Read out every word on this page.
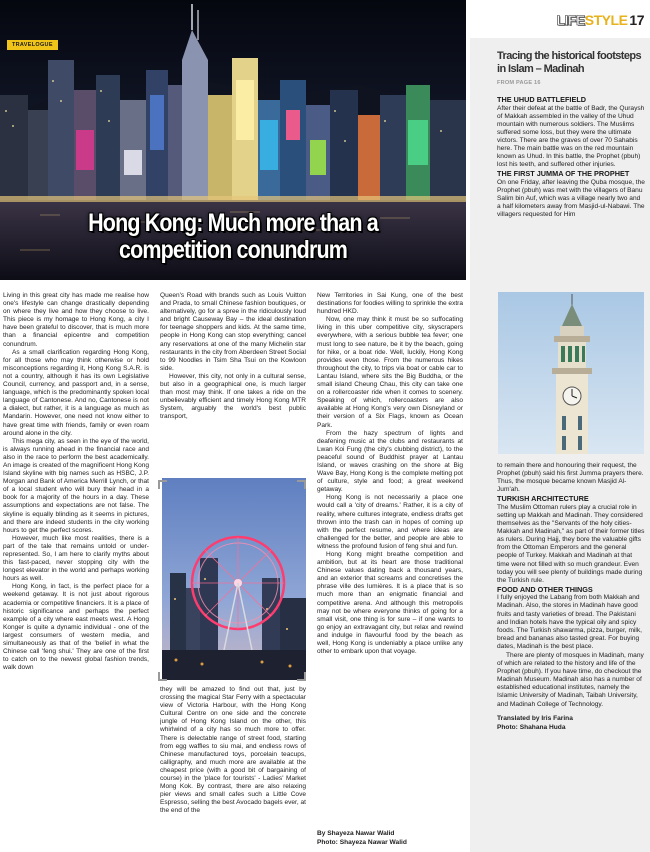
TRAVELOGUE
Hong Kong: Much more than a
competition conundrum
LIFESTYLE 17

Living in this great city has made me realise how one's lifestyle can change drastically depending on where they live and how they choose to live. This piece is my homage to Hong Kong, a city I have been grateful to discover, that is much more than a financial epicentre and competition conundrum.

As a small clarification regarding Hong Kong, for all those who may think otherwise or hold misconceptions regarding it, Hong Kong S.A.R. is not a country, although it has its own Legislative Council, currency, and passport and, in a sense, language, which is the predominantly spoken local language of Cantonese. And no, Cantonese is not a dialect, but rather, it is a language as much as Mandarin. However, one need not know either to have great time with friends, family or even roam around alone in the city.

This mega city, as seen in the eye of the world, is always running ahead in the financial race and also in the race to perform the best academically. An image is created of the magnificent Hong Kong Island skyline with big names such as HSBC, J.P. Morgan and Bank of America Merrill Lynch, or that of a local student who will bury their head in a book for a majority of the hours in a day. These assumptions and expectations are not false. The skyline is equally blinding as it seems in pictures, and there are indeed students in the city working hours to get the perfect scores.

However, much like most realities, there is a part of the tale that remains untold or under-represented. So, I am here to clarify myths about this fast-paced, never stopping city with the longest elevator in the world and perhaps working hours as well.

Hong Kong, in fact, is the perfect place for a weekend getaway. It is not just about rigorous academia or competitive financiers. It is a place of historic significance and perhaps the perfect example of a city where east meets west. A Hong Konger is quite a dynamic individual - one of the largest consumers of western media, and simultaneously as that of the 'belief in what the Chinese call 'feng shui.' They are one of the first to catch on to the newest global fashion trends, walk down

Queen's Road with brands such as Louis Vuitton and Prada, to small Chinese fashion boutiques, or alternatively, go for a spree in the ridiculously loud and bright Causeway Bay – the ideal destination for teenage shoppers and kids. At the same time, people in Hong Kong can stop everything; cancel any reservations at one of the many Michelin star restaurants in the city from Aberdeen Street Social to 99 Noodles in Tsim Sha Tsui on the Kowloon side.

However, this city, not only in a cultural sense, but also in a geographical one, is much larger than most may think. If one takes a ride on the unbelievably efficient and timely Hong Kong MTR System, arguably the world's best public transport,

they will be amazed to find out that, just by crossing the magical Star Ferry with a spectacular view of Victoria Harbour, with the Hong Kong Cultural Centre on one side and the concrete jungle of Hong Kong Island on the other, this whirlwind of a city has so much more to offer. There is delectable range of street food, starting from egg waffles to siu mai, and endless rows of Chinese manufactured toys, porcelain teacups, calligraphy, and much more are available at the cheapest price (with a good bit of bargaining of course) in the 'place for tourists' - Ladies' Market Mong Kok. By contrast, there are also relaxing pier views and small cafes such a Little Cove Espresso, selling the best Avocado bagels ever, at the end of the

New Territories in Sai Kung, one of the best destinations for foodies willing to sprinkle the extra hundred HKD.

Now, one may think it must be so suffocating living in this uber competitive city, skyscrapers everywhere, with a serious bubble tea fever; one must long to see nature, be it by the beach, going for hike, or a boat ride. Well, luckily, Hong Kong provides even those. From the numerous hikes throughout the city, to trips via boat or cable car to Lantau Island, where sits the Big Buddha, or the small island Cheung Chau, this city can take one on a rollercoaster ride when it comes to scenery. Speaking of which, rollercoasters are also available at Hong Kong's very own Disneyland or their version of a Six Flags, known as Ocean Park.

From the hazy spectrum of lights and deafening music at the clubs and restaurants at Lwan Koi Fung (the city's clubbing district), to the peaceful sound of Buddhist prayer at Lantau Island, or waves crashing on the shore at Big Wave Bay, Hong Kong is the complete melting pot of culture, style and food; a great weekend getaway.

Hong Kong is not necessarily a place one would call a 'city of dreams.' Rather, it is a city of reality, where cultures integrate, endless drafts get thrown into the trash can in hopes of coming up with the perfect resume, and where ideas are challenged for the better, and people are able to witness the profound fusion of feng shui and fun.

Hong Kong might breathe competition and ambition, but at its heart are those traditional Chinese values dating back a thousand years, and an exterior that screams and concretises the phrase ville des lumières. It is a place that is so much more than an enigmatic financial and competitive arena. And although this metropolis may not be where everyone thinks of going for a small visit, one thing is for sure – if one wants to go enjoy an extravagant city, but relax and rewind and indulge in flavourful food by the beach as well, Hong Kong is undeniably a place unlike any other to embark upon that voyage.

By Shayeza Nawar Walid
Photo: Shayeza Nawar Walid
Tracing the historical footsteps in Islam – Madinah
FROM PAGE 16
THE UHUD BATTLEFIELD

After their defeat at the battle of Badr, the Quraysh of Makkah assembled in the valley of the Uhud mountain with numerous soldiers. The Muslims suffered some loss, but they were the ultimate victors. There are the graves of over 70 Sahabis here. The main battle was on the red mountain known as Uhud. In this battle, the Prophet (pbuh) lost his teeth, and suffered other injuries.

THE FIRST JUMMA OF THE PROPHET

On one Friday, after leaving the Quba mosque, the Prophet (pbuh) was met with the villagers of Banu Salim bin Auf, which was a village nearly two and a half kilometers away from Masjid-ul-Nabawi. The villagers requested for Him

to remain there and honouring their request, the Prophet (pbuh) said his first Jumma prayers there. Thus, the mosque became known Masjid Al-Jum'ah.

TURKISH ARCHITECTURE

The Muslim Ottoman rulers play a crucial role in setting up Makkah and Madinah. They considered themselves as the "Servants of the holy cities- Makkah and Madinah," as part of their former titles as rulers. During Hajj, they bore the valuable gifts from the Ottoman Emperors and the general people of Turkey. Makkah and Madinah at that time were not filled with so much grandeur. Even today you will see plenty of buildings made during the Turkish rule.

FOOD AND OTHER THINGS

I fully enjoyed the Labang from both Makkah and Madinah. Also, the stores in Madinah have good fruits and tasty varieties of bread. The Pakistani and Indian hotels have the typical oily and spicy foods. The Turkish shawarma, pizza, burger, milk, bread and bananas also tasted great. For buying dates, Madinah is the best place.

There are plenty of mosques in Madinah, many of which are related to the history and life of the Prophet (pbuh). If you have time, do checkout the Madinah Museum. Madinah also has a number of established educational institutes, namely the Islamic University of Madinah, Taibah University, and Madinah College of Technology.

Translated by Iris Farina

Photo: Shahana Huda
